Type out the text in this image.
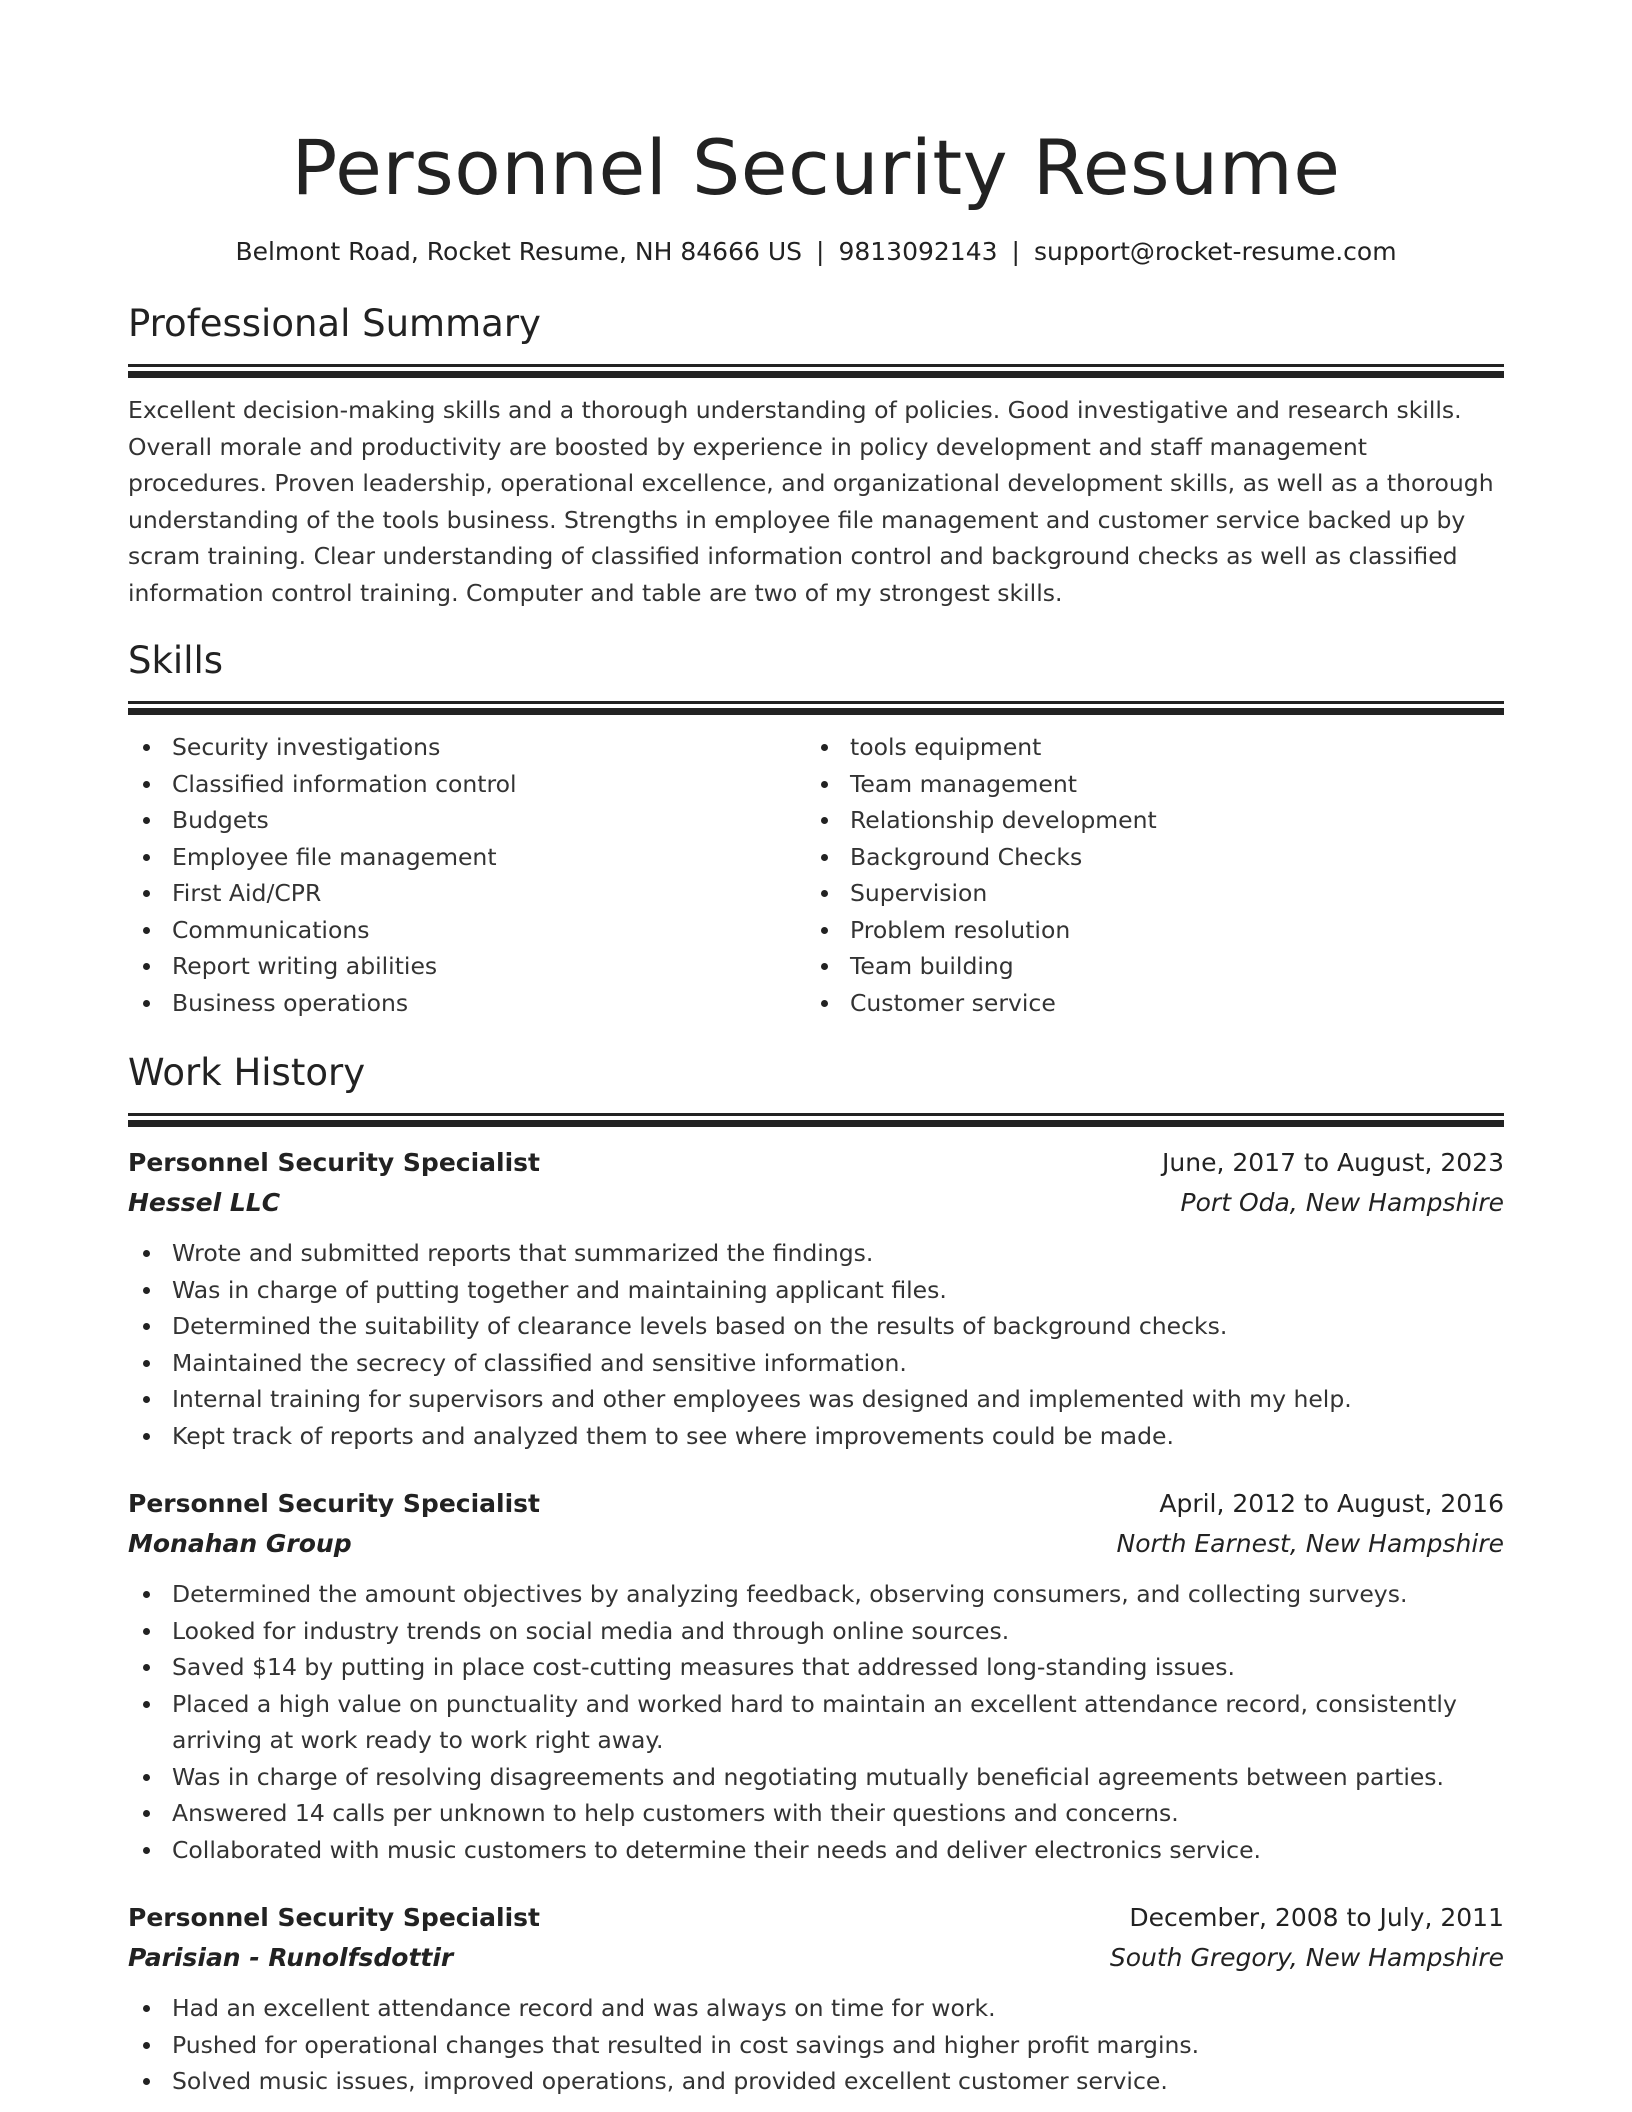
Personnel Security Resume
Belmont Road, Rocket Resume, NH 84666 US | 9813092143 | support@rocket-resume.com
Professional Summary

Excellent decision-making skills and a thorough understanding of policies. Good investigative and research skills. Overall morale and productivity are boosted by experience in policy development and staff management procedures. Proven leadership, operational excellence, and organizational development skills, as well as a thorough understanding of the tools business. Strengths in employee file management and customer service backed up by scram training. Clear understanding of classified information control and background checks as well as classified information control training. Computer and table are two of my strongest skills.

Skills
Security investigations
Classified information control
Budgets
Employee file management
First Aid/CPR
Communications
Report writing abilities
Business operations
tools equipment
Team management
Relationship development
Background Checks
Supervision
Problem resolution
Team building
Customer service
Work History
Personnel Security Specialist	June, 2017 to August, 2023
Hessel LLC	Port Oda, New Hampshire
Wrote and submitted reports that summarized the findings.
Was in charge of putting together and maintaining applicant files.
Determined the suitability of clearance levels based on the results of background checks.
Maintained the secrecy of classified and sensitive information.
Internal training for supervisors and other employees was designed and implemented with my help.
Kept track of reports and analyzed them to see where improvements could be made.
Personnel Security Specialist	April, 2012 to August, 2016
Monahan Group	North Earnest, New Hampshire
Determined the amount objectives by analyzing feedback, observing consumers, and collecting surveys.
Looked for industry trends on social media and through online sources.
Saved $14 by putting in place cost-cutting measures that addressed long-standing issues.
Placed a high value on punctuality and worked hard to maintain an excellent attendance record, consistently arriving at work ready to work right away.
Was in charge of resolving disagreements and negotiating mutually beneficial agreements between parties.
Answered 14 calls per unknown to help customers with their questions and concerns.
Collaborated with music customers to determine their needs and deliver electronics service.
Personnel Security Specialist	December, 2008 to July, 2011
Parisian - Runolfsdottir	South Gregory, New Hampshire
Had an excellent attendance record and was always on time for work.
Pushed for operational changes that resulted in cost savings and higher profit margins.
Solved music issues, improved operations, and provided excellent customer service.
